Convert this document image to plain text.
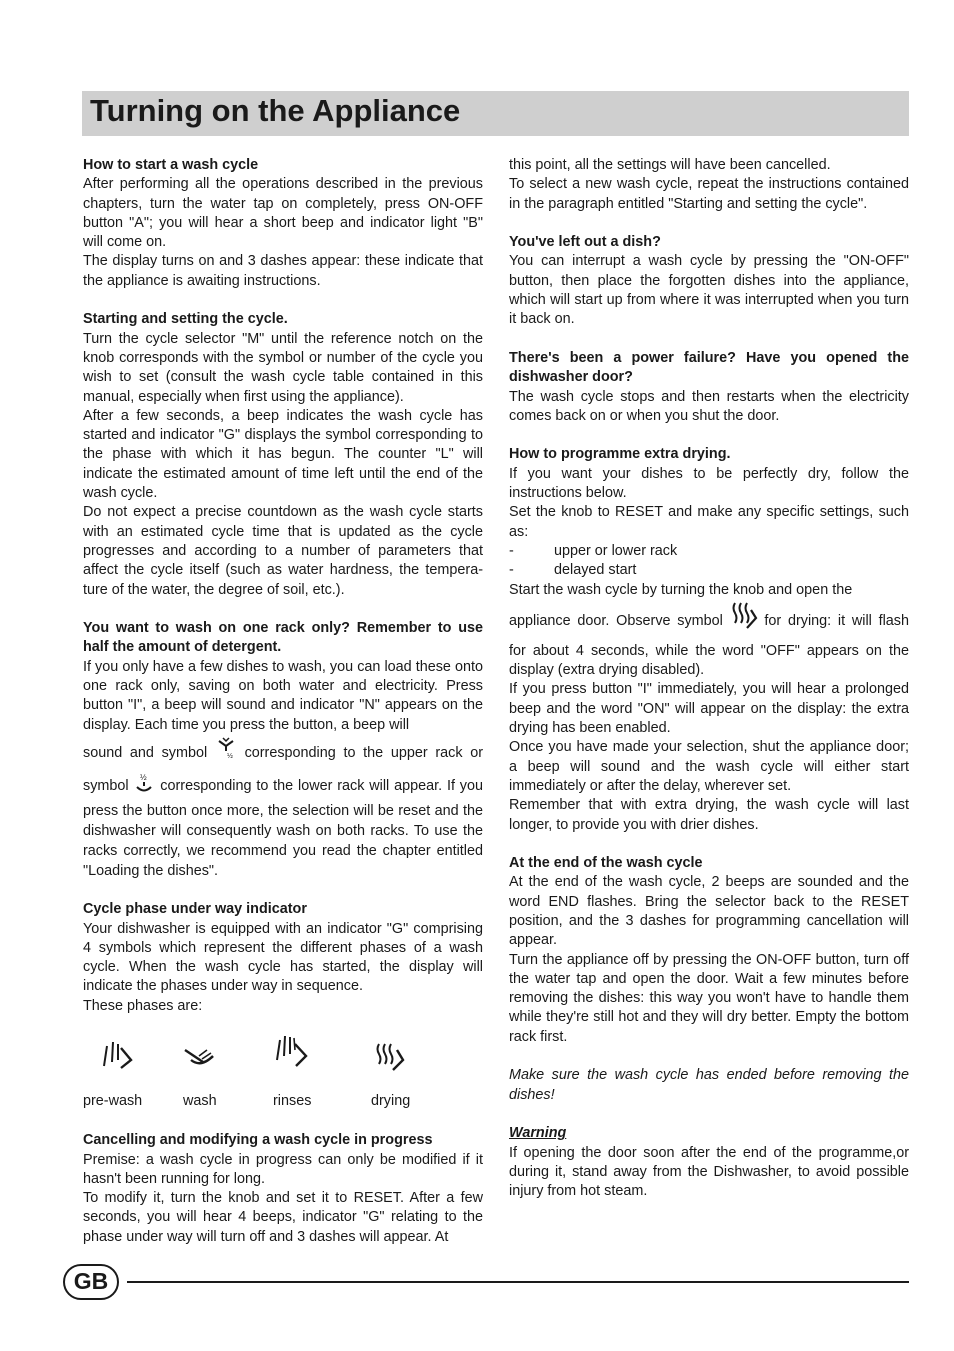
Turning on the Appliance

How to start a wash cycle

After performing all the operations described in the previous chapters, turn the water tap on completely, press ON-OFF button "A"; you will hear a short beep and indicator light "B" will come on.

The display turns on and 3 dashes appear: these indicate that the appliance is awaiting instructions.

Starting and setting the cycle.

Turn the cycle selector "M" until the reference notch on the knob corresponds with the symbol or number of the cycle you wish to set (consult the wash cycle table contained in this manual, especially when first using the appliance).

After a few seconds, a beep indicates the wash cycle has started and indicator "G" displays the symbol corresponding to the phase with which it has begun. The counter "L" will indicate the estimated amount of time left until the end of the wash cycle.

Do not expect a precise countdown as the wash cycle starts with an estimated cycle time that is updated as the cycle progresses and according to a number of parameters that affect the cycle itself (such as water hardness, the tempera-ture of the water, the degree of soil, etc.).

You want to wash on one rack only? Remember to use half the amount of detergent.

If you only have a few dishes to wash, you can load these onto one rack only, saving on both water and electricity. Press button "I", a beep will sound and indicator "N" appears on the display. Each time you press the button, a beep will

sound and symbol	½ corresponding to the upper rack or

symbol
½
corresponding to the lower rack will appear. If you press the button once more, the selection will be reset and the dishwasher will consequently wash on both racks. To use the racks correctly, we recommend you read the chapter entitled "Loading the dishes".

Cycle phase under way indicator

Your dishwasher is equipped with an indicator "G" comprising 4 symbols which represent the different phases of a wash cycle. When the wash cycle has started, the display will indicate the phases under way in sequence.

These phases are:

pre-wash	wash	rinses	drying

Cancelling and modifying a wash cycle in progress

Premise: a wash cycle in progress can only be modified if it hasn't been running for long.

To modify it, turn the knob and set it to RESET. After a few seconds, you will hear 4 beeps, indicator "G" relating to the phase under way will turn off and 3 dashes will appear. At

this point, all the settings will have been cancelled.

To select a new wash cycle, repeat the instructions contained in the paragraph entitled "Starting and setting the cycle".

You've left out a dish?

You can interrupt a wash cycle by pressing the "ON-OFF" button, then place the forgotten dishes into the appliance, which will start up from where it was interrupted when you turn it back on.

There's been a power failure? Have you opened the dishwasher door?

The wash cycle stops and then restarts when the electricity comes back on or when you shut the door.

How to programme extra drying.

If you want your dishes to be perfectly dry, follow the instructions below.

Set the knob to RESET and make any specific settings, such as:

-	upper or lower rack
-	delayed start

Start the wash cycle by turning the knob and open the

appliance door. Observe symbol	for drying: it will flash

for about 4 seconds, while the word "OFF" appears on the display (extra drying disabled).

If you press button "I" immediately, you will hear a prolonged beep and the word "ON" will appear on the display: the extra drying has been enabled.

Once you have made your selection, shut the appliance door; a beep will sound and the wash cycle will either start immediately or after the delay, wherever set.

Remember that with extra drying, the wash cycle will last longer, to provide you with drier dishes.

At the end of the wash cycle

At the end of the wash cycle, 2 beeps are sounded and the word END flashes. Bring the selector back to the RESET position, and the 3 dashes for programming cancellation will appear.

Turn the appliance off by pressing the ON-OFF button, turn off the water tap and open the door. Wait a few minutes before removing the dishes: this way you won't have to handle them while they're still hot and they will dry better. Empty the bottom rack first.

Make sure the wash cycle has ended before removing the dishes!

Warning

If opening the door soon after the end of the programme,or during it, stand away from the Dishwasher, to avoid possible injury from hot steam.

GB
